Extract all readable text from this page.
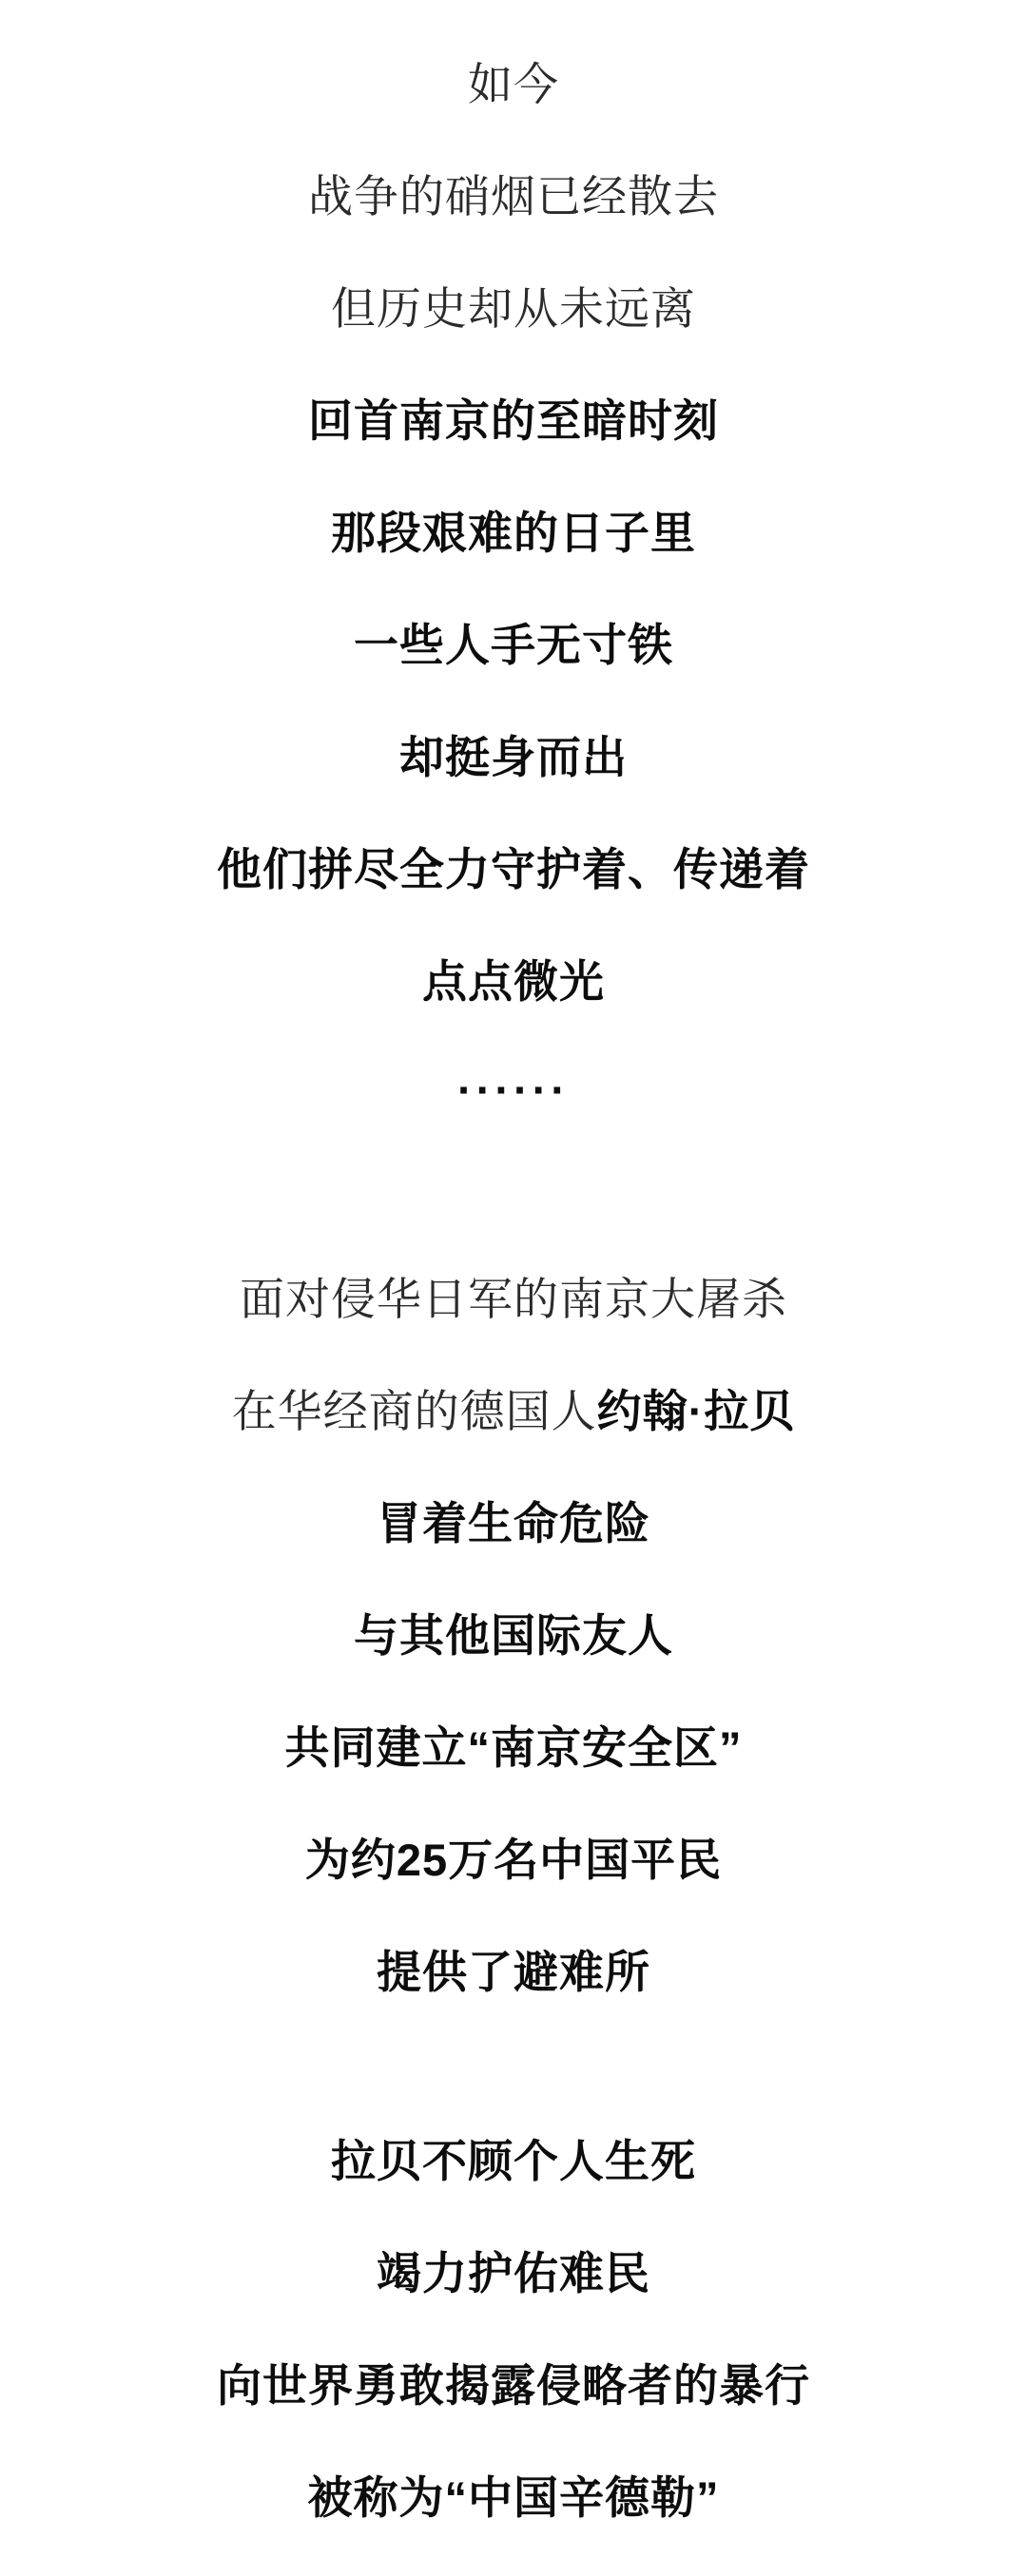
如今

战争的硝烟已经散去

但历史却从未远离

回首南京的至暗时刻

那段艰难的日子里

一些人手无寸铁

却挺身而出

他们拼尽全力守护着、传递着

点点微光

······

面对侵华日军的南京大屠杀

在华经商的德国人约翰·拉贝

冒着生命危险

与其他国际友人

共同建立“南京安全区”

为约25万名中国平民

提供了避难所

拉贝不顾个人生死

竭力护佑难民

向世界勇敢揭露侵略者的暴行

被称为“中国辛德勒”
